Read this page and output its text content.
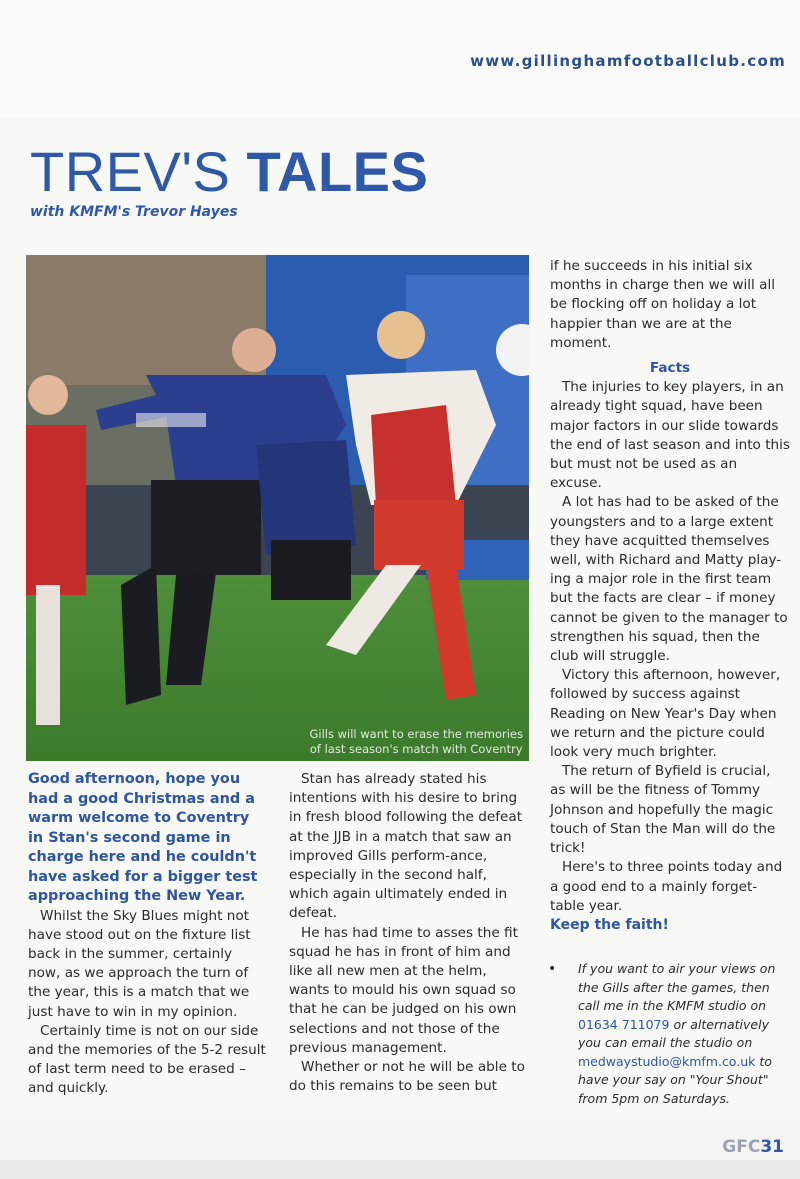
www.gillinghamfootballclub.com
TREV'S TALES
with KMFM's Trevor Hayes
Gills will want to erase the memories
of last season's match with Coventry

Good afternoon, hope you had a good Christmas and a warm welcome to Coventry in Stan's second game in charge here and he couldn't have asked for a bigger test approaching the New Year.

Whilst the Sky Blues might not have stood out on the fixture list back in the summer, certainly now, as we approach the turn of the year, this is a match that we just have to win in my opinion.

Certainly time is not on our side and the memories of the 5-2 result of last term need to be erased – and quickly.

Stan has already stated his intentions with his desire to bring in fresh blood following the defeat at the JJB in a match that saw an improved Gills perform-ance, especially in the second half, which again ultimately ended in defeat.

He has had time to asses the fit squad he has in front of him and like all new men at the helm, wants to mould his own squad so that he can be judged on his own selections and not those of the previous management.

Whether or not he will be able to do this remains to be seen but

if he succeeds in his initial six months in charge then we will all be flocking off on holiday a lot happier than we are at the moment.

Facts

The injuries to key players, in an already tight squad, have been major factors in our slide towards the end of last season and into this but must not be used as an excuse.

A lot has had to be asked of the youngsters and to a large extent they have acquitted themselves well, with Richard and Matty play-ing a major role in the first team but the facts are clear – if money cannot be given to the manager to strengthen his squad, then the club will struggle.

Victory this afternoon, however, followed by success against Reading on New Year's Day when we return and the picture could look very much brighter.

The return of Byfield is crucial, as will be the fitness of Tommy Johnson and hopefully the magic touch of Stan the Man will do the trick!

Here's to three points today and a good end to a mainly forget-table year.

Keep the faith!

• If you want to air your views on the Gills after the games, then call me in the KMFM studio on 01634 711079 or alternatively you can email the studio on medwaystudio@kmfm.co.uk to have your say on "Your Shout" from 5pm on Saturdays.
GFC31
